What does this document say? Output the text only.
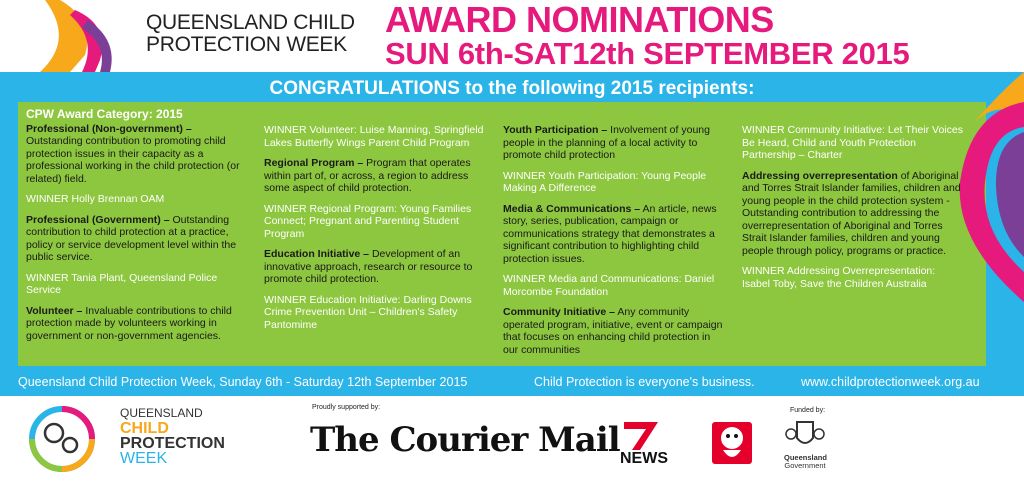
QUEENSLAND CHILD
PROTECTION WEEK
AWARD NOMINATIONS
SUN 6th-SAT12th SEPTEMBER 2015
CONGRATULATIONS to the following 2015 recipients:

CPW Award Category: 2015

Professional (Non-government) – Outstanding contribution to promoting child protection issues in their capacity as a professional working in the child protection (or related) field.

WINNER Holly Brennan OAM

Professional (Government) – Outstanding contribution to child protection at a practice, policy or service development level within the public service.

WINNER Tania Plant, Queensland Police Service

Volunteer – Invaluable contributions to child protection made by volunteers working in government or non-government agencies.

WINNER Volunteer: Luise Manning, Springfield Lakes Butterfly Wings Parent Child Program

Regional Program – Program that operates within part of, or across, a region to address some aspect of child protection.

WINNER Regional Program: Young Families Connect; Pregnant and Parenting Student Program

Education Initiative – Development of an innovative approach, research or resource to promote child protection.

WINNER Education Initiative: Darling Downs Crime Prevention Unit – Children's Safety Pantomime

Youth Participation – Involvement of young people in the planning of a local activity to promote child protection

WINNER Youth Participation: Young People Making A Difference

Media & Communications – An article, news story, series, publication, campaign or communications strategy that demonstrates a significant contribution to highlighting child protection issues.

WINNER Media and Communications: Daniel Morcombe Foundation

Community Initiative – Any community operated program, initiative, event or campaign that focuses on enhancing child protection in our communities

WINNER Community Initiative: Let Their Voices Be Heard, Child and Youth Protection Partnership – Charter

Addressing overrepresentation of Aboriginal and Torres Strait Islander families, children and young people in the child protection system - Outstanding contribution to addressing the overrepresentation of Aboriginal and Torres Strait Islander families, children and young people through policy, programs or practice.

WINNER Addressing Overrepresentation: Isabel Toby, Save the Children Australia

Queensland Child Protection Week, Sunday 6th - Saturday 12th September 2015	Child Protection is everyone's business.	www.childprotectionweek.org.au
QUEENSLAND
CHILD
PROTECTION
WEEK
Proudly supported by:
The Courier Mail NEWS
Funded by:
Queensland
Government
